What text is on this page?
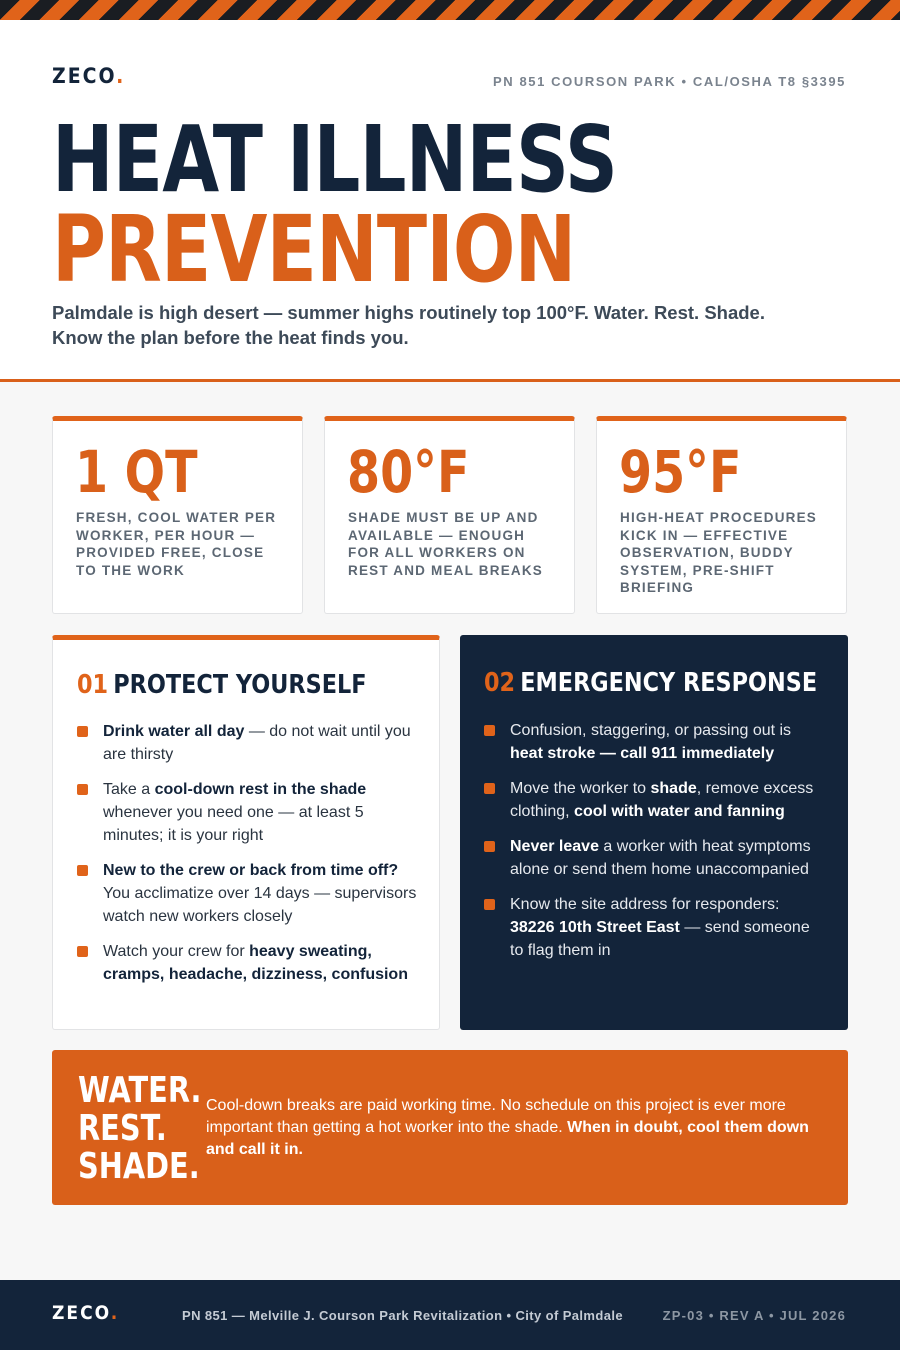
ZECO.	PN 851 COURSON PARK • CAL/OSHA T8 §3395
HEAT ILLNESS
PREVENTION
Palmdale is high desert — summer highs routinely top 100°F. Water. Rest. Shade.
Know the plan before the heat finds you.
1 QT
FRESH, COOL WATER PER WORKER, PER HOUR — PROVIDED FREE, CLOSE TO THE WORK
80°F
SHADE MUST BE UP AND AVAILABLE — ENOUGH FOR ALL WORKERS ON REST AND MEAL BREAKS
95°F
HIGH-HEAT PROCEDURES KICK IN — EFFECTIVE OBSERVATION, BUDDY SYSTEM, PRE-SHIFT BRIEFING
01 PROTECT YOURSELF
Drink water all day — do not wait until you are thirsty
Take a cool-down rest in the shade whenever you need one — at least 5 minutes; it is your right
New to the crew or back from time off? You acclimatize over 14 days — supervisors watch new workers closely
Watch your crew for heavy sweating, cramps, headache, dizziness, confusion
02 EMERGENCY RESPONSE
Confusion, staggering, or passing out is heat stroke — call 911 immediately
Move the worker to shade, remove excess clothing, cool with water and fanning
Never leave a worker with heat symptoms alone or send them home unaccompanied
Know the site address for responders: 38226 10th Street East — send someone to flag them in
WATER.
REST.
SHADE.
Cool-down breaks are paid working time. No schedule on this project is ever more important than getting a hot worker into the shade. When in doubt, cool them down and call it in.
ZECO.	PN 851 — Melville J. Courson Park Revitalization • City of Palmdale	ZP-03 • REV A • JUL 2026
